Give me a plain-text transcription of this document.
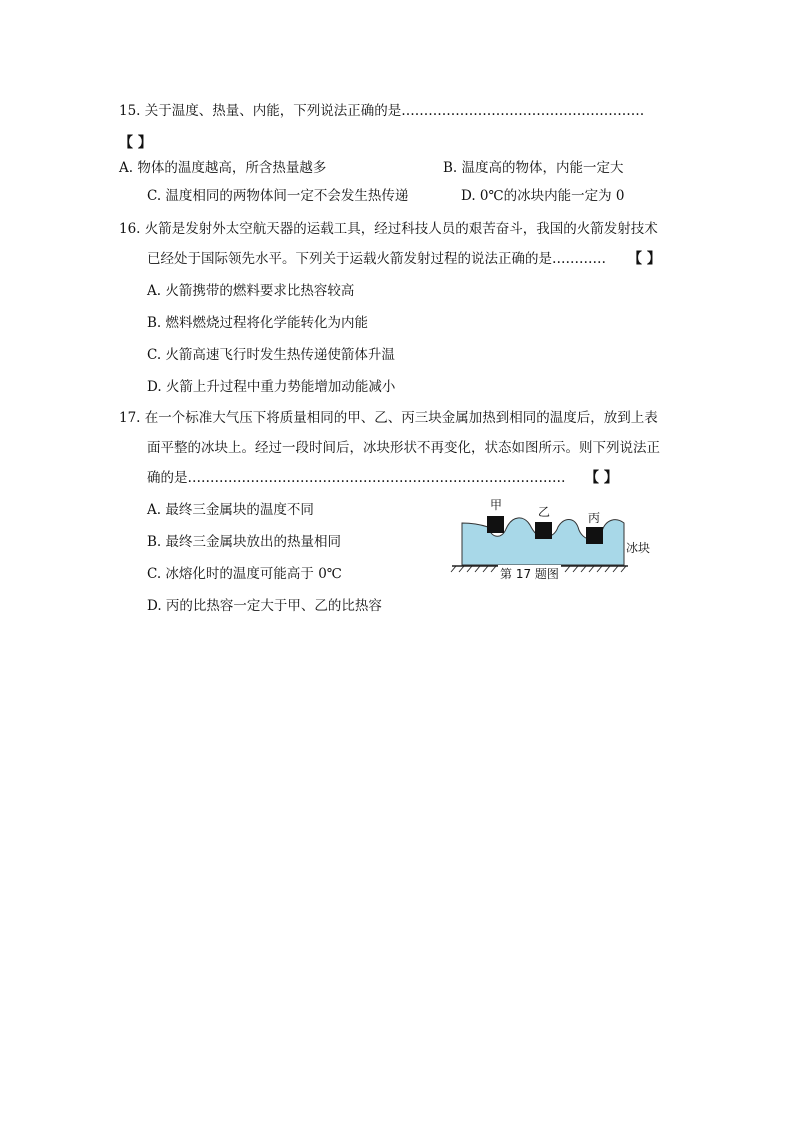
15. 关于温度、热量、内能，下列说法正确的是………………………………………………
【 】
A. 物体的温度越高，所含热量越多	B. 温度高的物体，内能一定大
C. 温度相同的两物体间一定不会发生热传递	D. 0℃的冰块内能一定为 0
16. 火箭是发射外太空航天器的运载工具，经过科技人员的艰苦奋斗，我国的火箭发射技术
已经处于国际领先水平。下列关于运载火箭发射过程的说法正确的是………… 【 】
A. 火箭携带的燃料要求比热容较高
B. 燃料燃烧过程将化学能转化为内能
C. 火箭高速飞行时发生热传递使箭体升温
D. 火箭上升过程中重力势能增加动能减小
17. 在一个标准大气压下将质量相同的甲、乙、丙三块金属加热到相同的温度后，放到上表
面平整的冰块上。经过一段时间后，冰块形状不再变化，状态如图所示。则下列说法正
确的是………………………………………………………………………… 【 】
A. 最终三金属块的温度不同
B. 最终三金属块放出的热量相同
C. 冰熔化时的温度可能高于 0℃
D. 丙的比热容一定大于甲、乙的比热容
甲	乙	丙
冰块
第 17 题图
